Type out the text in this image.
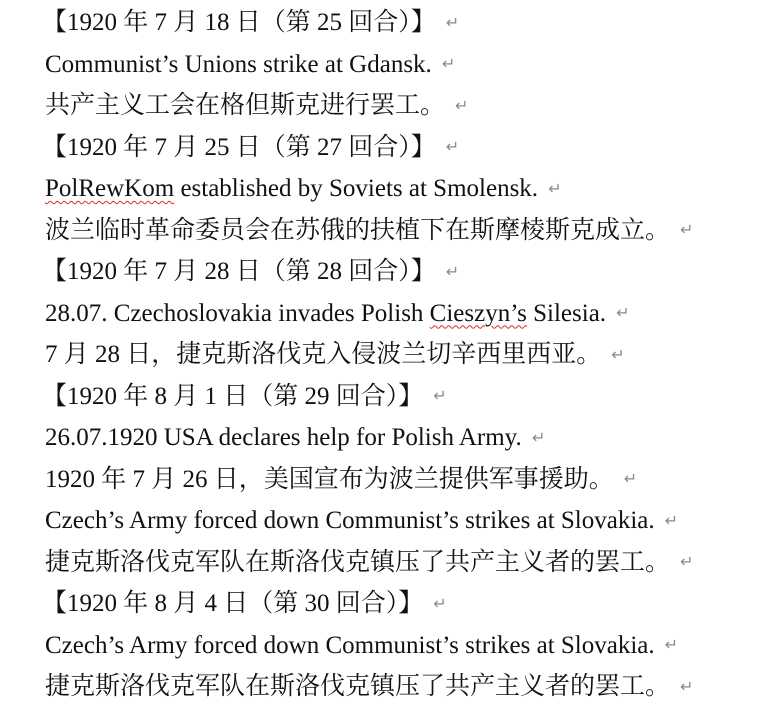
【1920 年 7 月 18 日（第 25 回合）】 ↵
Communist’s Unions strike at Gdansk. ↵
共产主义工会在格但斯克进行罢工。 ↵
【1920 年 7 月 25 日（第 27 回合）】 ↵
PolRewKom established by Soviets at Smolensk. ↵
波兰临时革命委员会在苏俄的扶植下在斯摩棱斯克成立。 ↵
【1920 年 7 月 28 日（第 28 回合）】 ↵
28.07. Czechoslovakia invades Polish Cieszyn’s Silesia. ↵
7 月 28 日，捷克斯洛伐克入侵波兰切辛西里西亚。 ↵
【1920 年 8 月 1 日（第 29 回合）】 ↵
26.07.1920 USA declares help for Polish Army. ↵
1920 年 7 月 26 日，美国宣布为波兰提供军事援助。 ↵
Czech’s Army forced down Communist’s strikes at Slovakia. ↵
捷克斯洛伐克军队在斯洛伐克镇压了共产主义者的罢工。 ↵
【1920 年 8 月 4 日（第 30 回合）】 ↵
Czech’s Army forced down Communist’s strikes at Slovakia. ↵
捷克斯洛伐克军队在斯洛伐克镇压了共产主义者的罢工。 ↵
